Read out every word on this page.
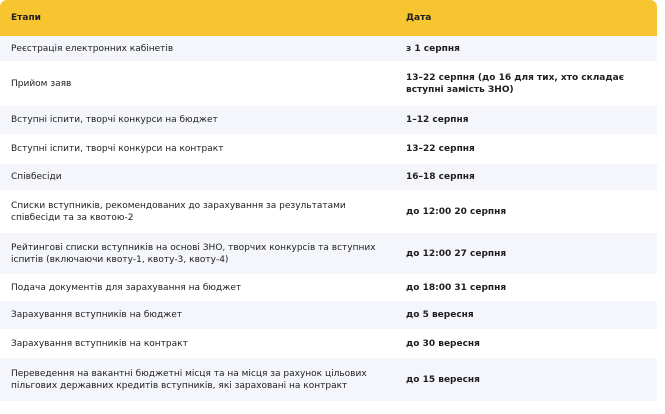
Етапи	Дата
Реєстрація електронних кабінетів	з 1 серпня
Прийом заяв	13–22 серпня (до 16 для тих, хто складає вступні замість ЗНО)
Вступні іспити, творчі конкурси на бюджет	1–12 серпня
Вступні іспити, творчі конкурси на контракт	13–22 серпня
Співбесіди	16–18 серпня
Списки вступників, рекомендованих до зарахування за результатами співбесіди та за квотою-2	до 12:00 20 серпня
Рейтингові списки вступників на основі ЗНО, творчих конкурсів та вступних іспитів (включаючи квоту-1, квоту-3, квоту-4)	до 12:00 27 серпня
Подача документів для зарахування на бюджет	до 18:00 31 серпня
Зарахування вступників на бюджет	до 5 вересня
Зарахування вступників на контракт	до 30 вересня
Переведення на вакантні бюджетні місця та на місця за рахунок цільових пільгових державних кредитів вступників, які зараховані на контракт	до 15 вересня
